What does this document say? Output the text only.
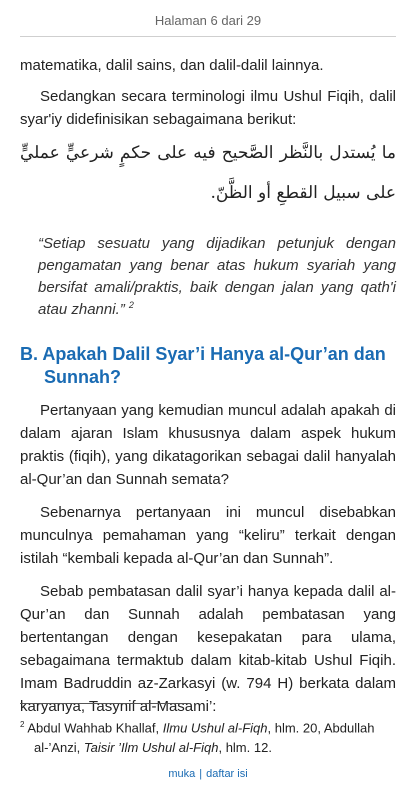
Halaman 6 dari 29

matematika, dalil sains, dan dalil-dalil lainnya.

Sedangkan secara terminologi ilmu Ushul Fiqih, dalil syar'iy didefinisikan sebagaimana berikut:

ما يُستدل بالنَّظر الصَّحيح فيه على حكمٍ شرعيٍّ عمليٍّ على سبيل القطعِ أو الظَّنّ.

“Setiap sesuatu yang dijadikan petunjuk dengan pengamatan yang benar atas hukum syariah yang bersifat amali/praktis, baik dengan jalan yang qath'i atau zhanni.” $^2$

B. Apakah Dalil Syar’i Hanya al-Qur’an dan
Sunnah?

Pertanyaan yang kemudian muncul adalah apakah di dalam ajaran Islam khususnya dalam aspek hukum praktis (fiqih), yang dikatagorikan sebagai dalil hanyalah al-Qur’an dan Sunnah semata?

Sebenarnya pertanyaan ini muncul disebabkan munculnya pemahaman yang “keliru” terkait dengan istilah “kembali kepada al-Qur’an dan Sunnah”.

Sebab pembatasan dalil syar’i hanya kepada dalil al-Qur’an dan Sunnah adalah pembatasan yang bertentangan dengan kesepakatan para ulama, sebagaimana termaktub dalam kitab-kitab Ushul Fiqih. Imam Badruddin az-Zarkasyi (w. 794 H) berkata dalam karyanya, Tasynif al-Masami’:

$^2$ Abdul Wahhab Khallaf, Ilmu Ushul al-Fiqh, hlm. 20, Abdullah
al-’Anzi, Taisir ’Ilm Ushul al-Fiqh, hlm. 12.
muka | daftar isi
